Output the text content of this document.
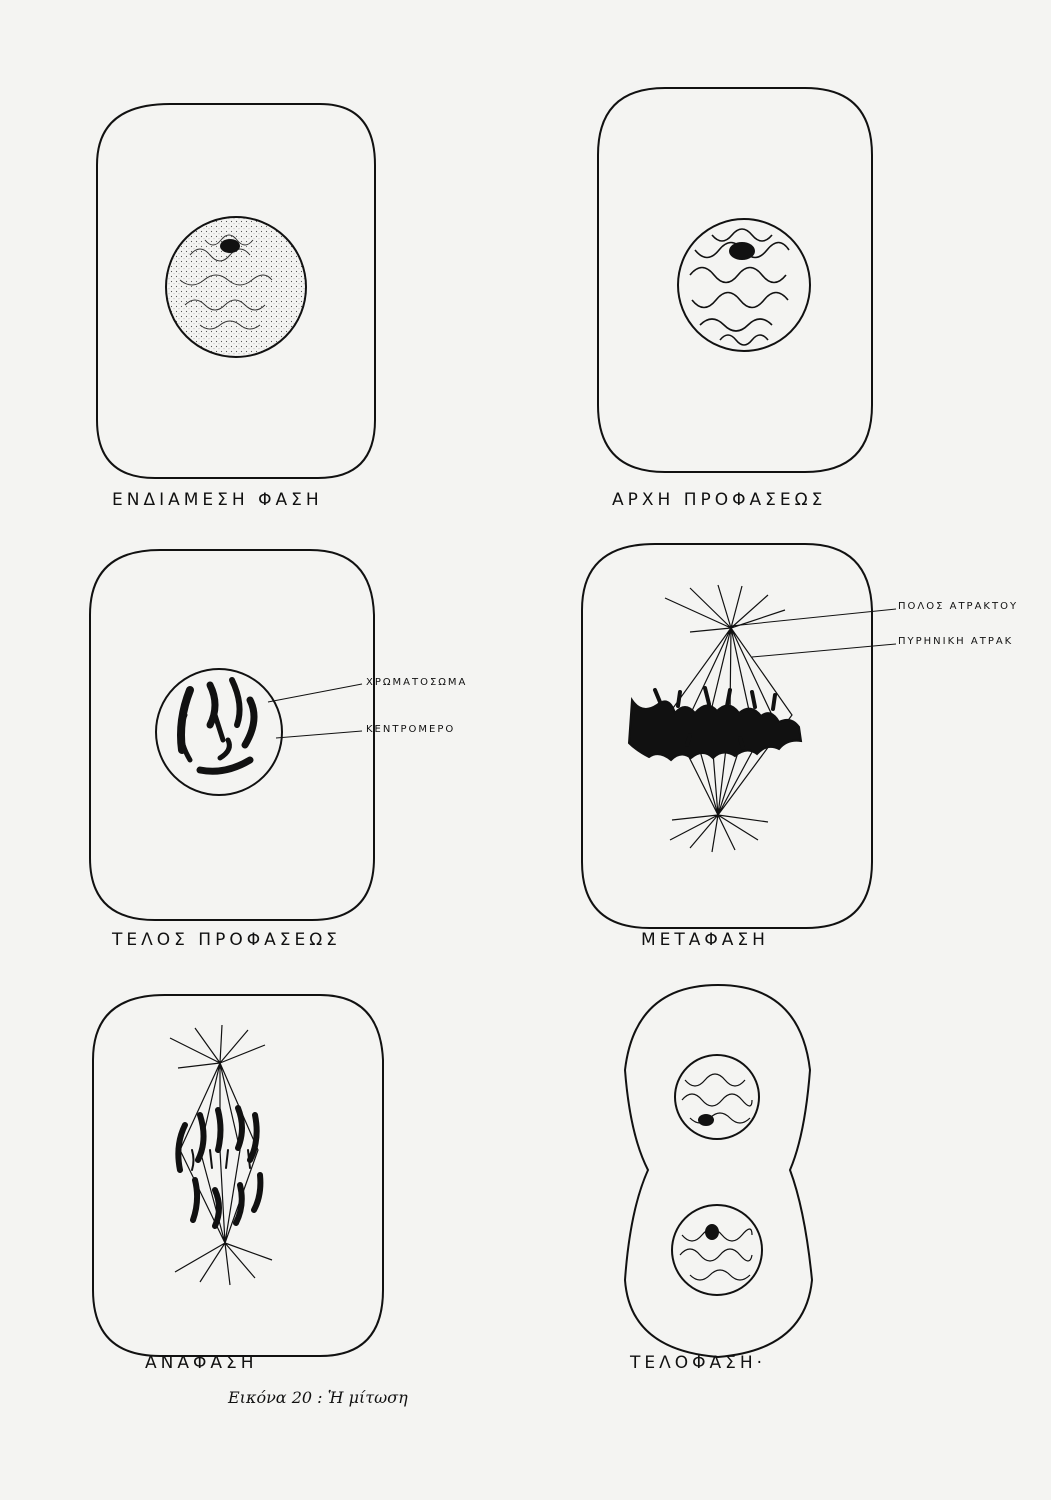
ΕΝΔΙΑΜΕΣΗ ΦΑΣΗ	ΑΡΧΗ ΠΡΟΦΑΣΕΩΣ
ΤΕΛΟΣ ΠΡΟΦΑΣΕΩΣ	ΜΕΤΑΦΑΣΗ
ΑΝΑΦΑΣΗ	ΤΕΛΟΦΑΣΗ·
ΧΡΩΜΑΤΟΣΩΜΑ
ΚΕΝΤΡΟΜΕΡΟ
ΠΟΛΟΣ ΑΤΡΑΚΤΟΥ
ΠΥΡΗΝΙΚΗ ΑΤΡΑΚ
Εικόνα 20 : Ἡ μίτωση
